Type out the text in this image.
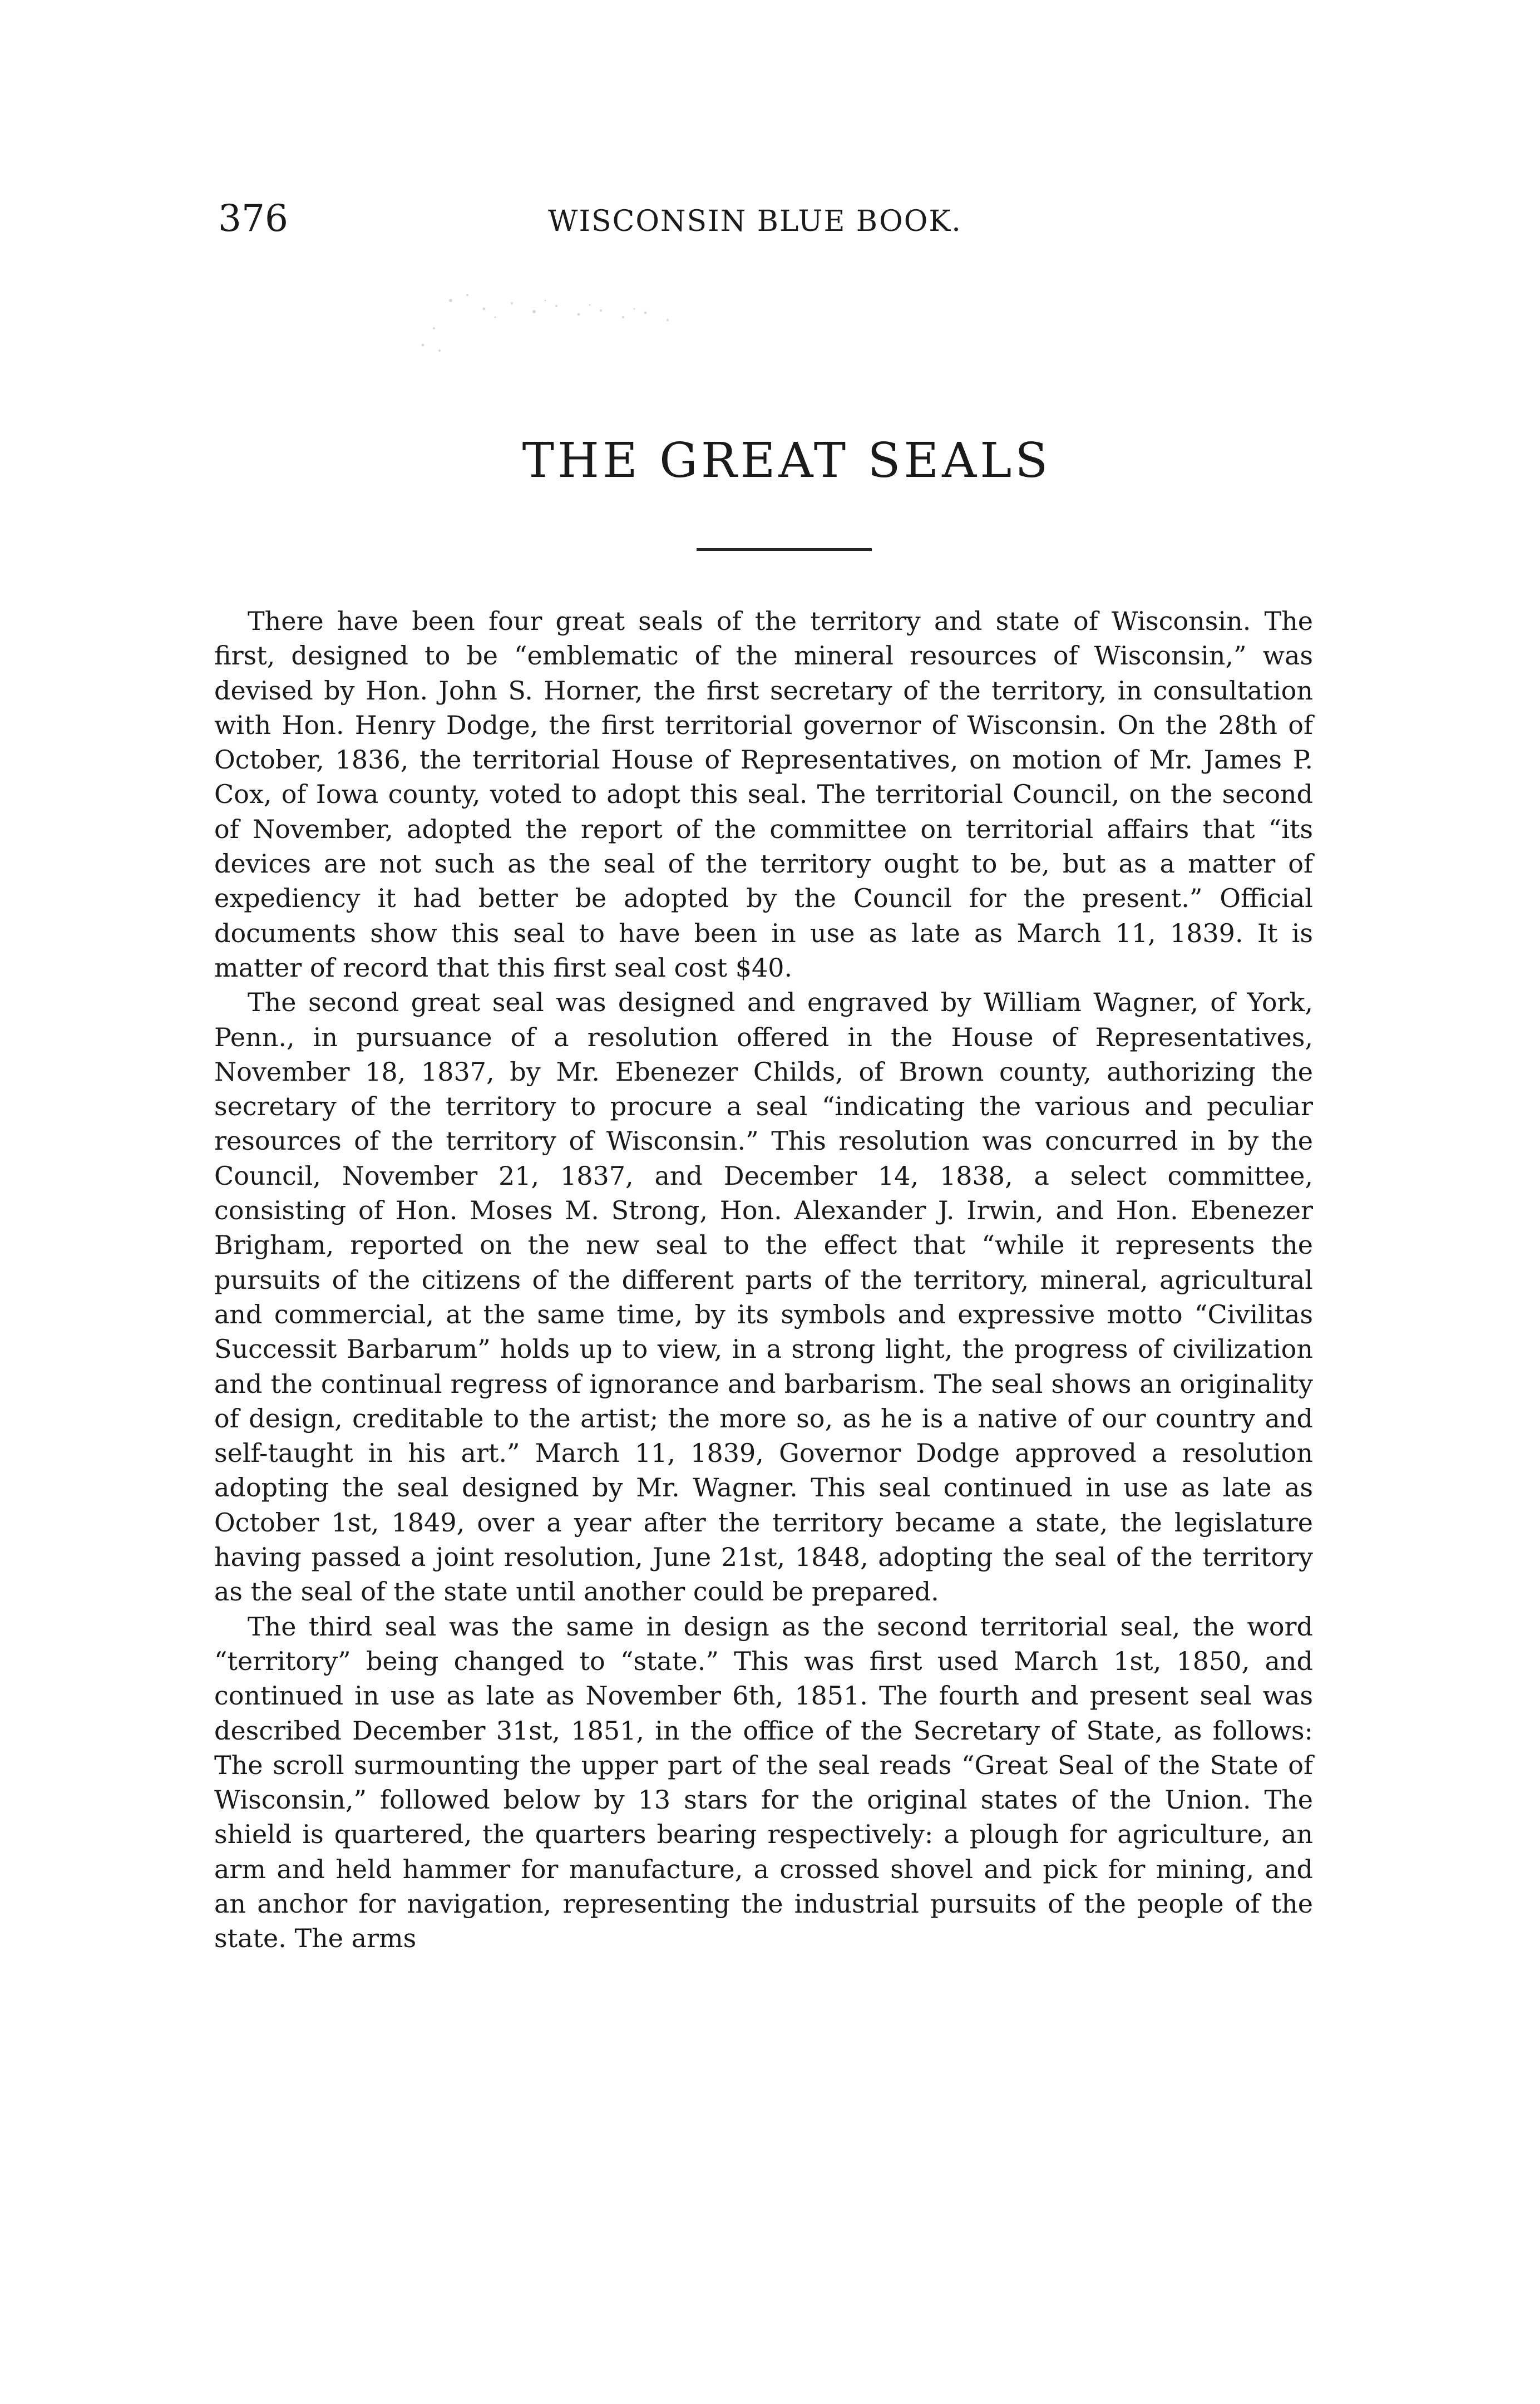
376	WISCONSIN BLUE BOOK.
THE GREAT SEALS

There have been four great seals of the territory and state of Wisconsin. The first, designed to be “emblematic of the mineral resources of Wisconsin,” was devised by Hon. John S. Horner, the first secretary of the territory, in consultation with Hon. Henry Dodge, the first territorial governor of Wisconsin. On the 28th of October, 1836, the territorial House of Representatives, on motion of Mr. James P. Cox, of Iowa county, voted to adopt this seal. The territorial Council, on the second of November, adopted the report of the committee on territorial affairs that “its devices are not such as the seal of the territory ought to be, but as a matter of expediency it had better be adopted by the Council for the present.” Official documents show this seal to have been in use as late as March 11, 1839. It is matter of record that this first seal cost $40.

The second great seal was designed and engraved by William Wagner, of York, Penn., in pursuance of a resolution offered in the House of Representatives, November 18, 1837, by Mr. Ebenezer Childs, of Brown county, authorizing the secretary of the territory to procure a seal “indicating the various and peculiar resources of the territory of Wisconsin.” This resolution was concurred in by the Council, November 21, 1837, and December 14, 1838, a select committee, consisting of Hon. Moses M. Strong, Hon. Alexander J. Irwin, and Hon. Ebenezer Brigham, reported on the new seal to the effect that “while it represents the pursuits of the citizens of the different parts of the territory, mineral, agricultural and commercial, at the same time, by its symbols and expressive motto “Civilitas Successit Barbarum” holds up to view, in a strong light, the progress of civilization and the continual regress of ignorance and barbarism. The seal shows an originality of design, creditable to the artist; the more so, as he is a native of our country and self-taught in his art.” March 11, 1839, Governor Dodge approved a resolution adopting the seal designed by Mr. Wagner. This seal continued in use as late as October 1st, 1849, over a year after the territory became a state, the legislature having passed a joint resolution, June 21st, 1848, adopting the seal of the territory as the seal of the state until another could be prepared.

The third seal was the same in design as the second territorial seal, the word “territory” being changed to “state.” This was first used March 1st, 1850, and continued in use as late as November 6th, 1851. The fourth and present seal was described December 31st, 1851, in the office of the Secretary of State, as follows: The scroll surmounting the upper part of the seal reads “Great Seal of the State of Wisconsin,” followed below by 13 stars for the original states of the Union. The shield is quartered, the quarters bearing respectively: a plough for agriculture, an arm and held hammer for manufacture, a crossed shovel and pick for mining, and an anchor for navigation, representing the industrial pursuits of the people of the state. The arms
